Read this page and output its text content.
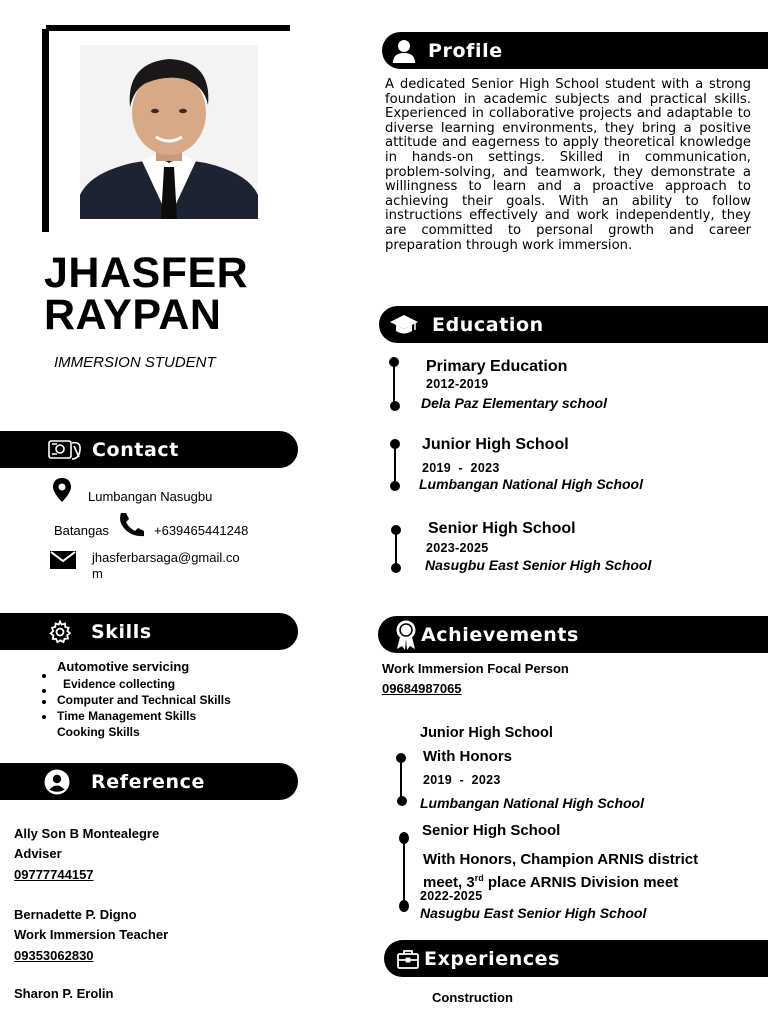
JHASFER
RAYPAN
IMMERSION STUDENT
Contact
Lumbangan Nasugbu
Batangas	+639465441248
jhasferbarsaga@gmail.co
m
Skills
Automotive servicing
Evidence collecting
Computer and Technical Skills
Time Management Skills
Cooking Skills
Reference
Ally Son B Montealegre
Adviser
09777744157
Bernadette P. Digno
Work Immersion Teacher
09353062830
Sharon P. Erolin
Profile

A dedicated Senior High School student with a strong foundation in academic subjects and practical skills. Experienced in collaborative projects and adaptable to diverse learning environments, they bring a positive attitude and eagerness to apply theoretical knowledge in hands-on settings. Skilled in communication, problem-solving, and teamwork, they demonstrate a willingness to learn and a proactive approach to achieving their goals. With an ability to follow instructions effectively and work independently, they are committed to personal growth and career preparation through work immersion.

Education
Primary Education
2012-2019
Dela Paz Elementary school
Junior High School
2019  -  2023
Lumbangan National High School
Senior High School
2023-2025
Nasugbu East Senior High School
Achievements
Work Immersion Focal Person
09684987065
Junior High School
With Honors
2019  -  2023
Lumbangan National High School
Senior High School
With Honors, Champion ARNIS district
meet, 3rd place ARNIS Division meet
2022-2025
Nasugbu East Senior High School
Experiences
Construction
